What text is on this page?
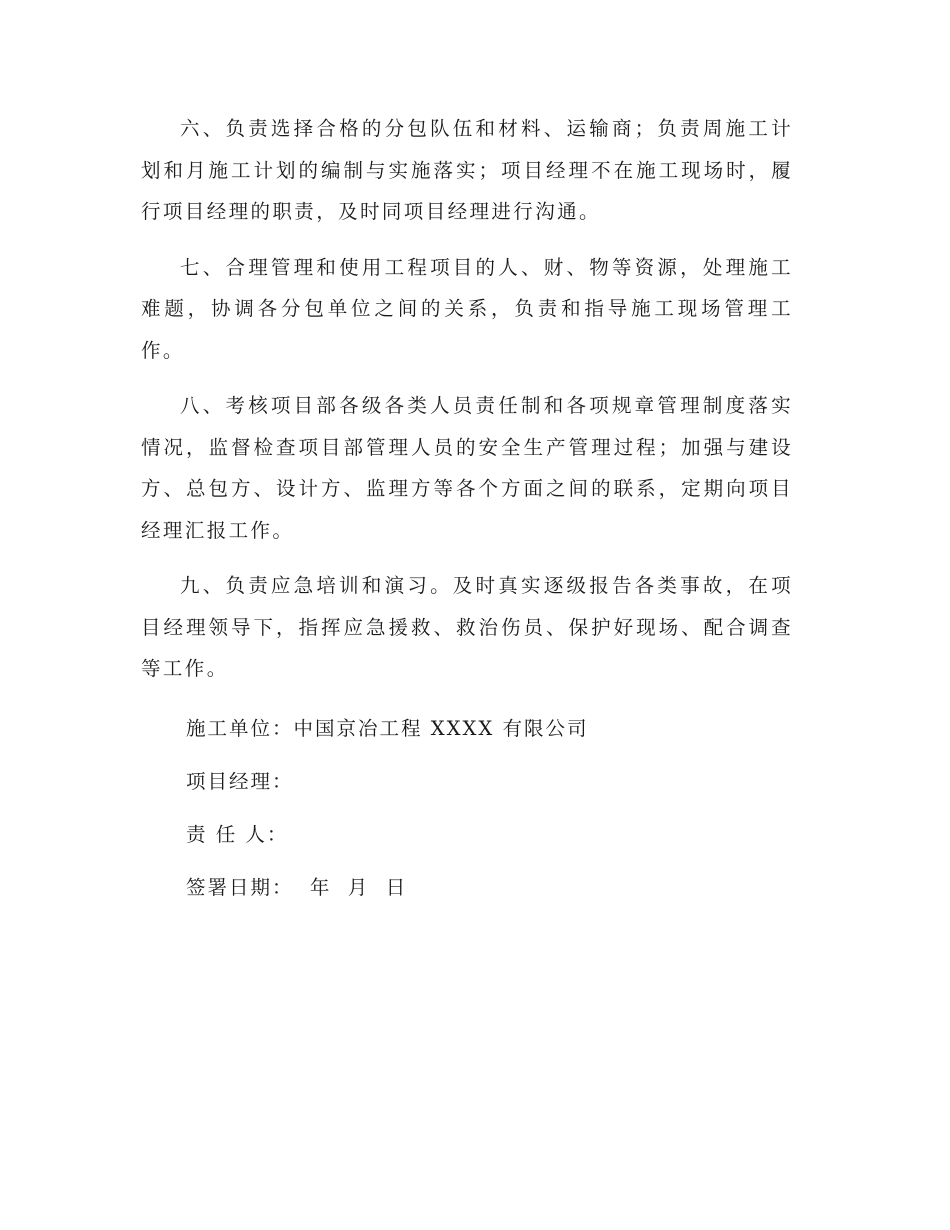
六、负责选择合格的分包队伍和材料、运输商；负责周施工计划和月施工计划的编制与实施落实；项目经理不在施工现场时，履行项目经理的职责，及时同项目经理进行沟通。

七、合理管理和使用工程项目的人、财、物等资源，处理施工难题，协调各分包单位之间的关系，负责和指导施工现场管理工作。

八、考核项目部各级各类人员责任制和各项规章管理制度落实情况，监督检查项目部管理人员的安全生产管理过程；加强与建设方、总包方、设计方、监理方等各个方面之间的联系，定期向项目经理汇报工作。

九、负责应急培训和演习。及时真实逐级报告各类事故，在项目经理领导下，指挥应急援救、救治伤员、保护好现场、配合调查等工作。

施工单位：中国京冶工程 XXXX 有限公司
项目经理：
责 任 人：
签署日期：  年  月  日
